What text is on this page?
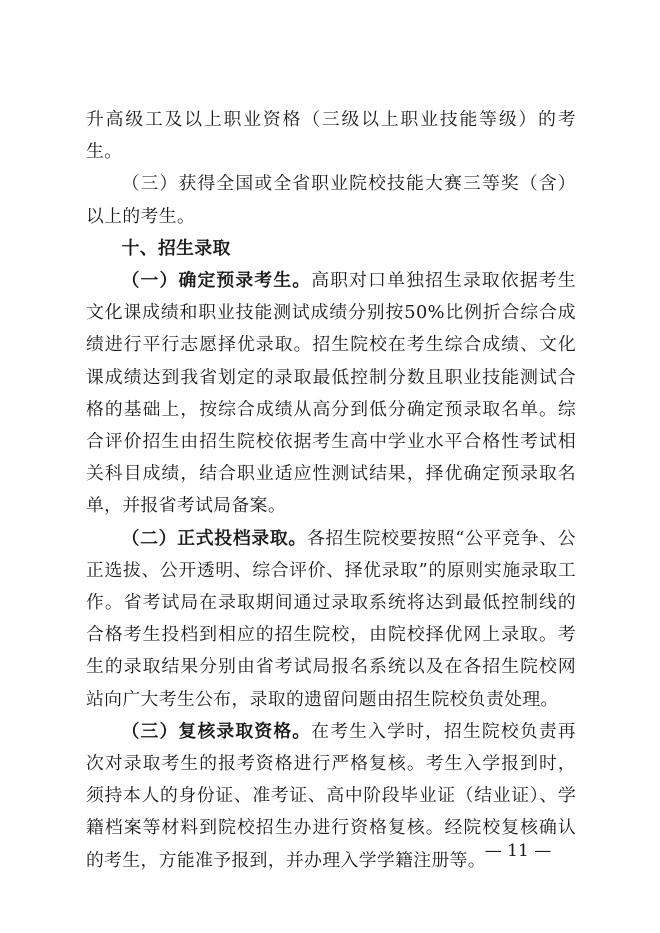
升高级工及以上职业资格（三级以上职业技能等级）的考生。

（三）获得全国或全省职业院校技能大赛三等奖（含）以上的考生。

十、招生录取

（一）确定预录考生。高职对口单独招生录取依据考生文化课成绩和职业技能测试成绩分别按50%比例折合综合成绩进行平行志愿择优录取。招生院校在考生综合成绩、文化课成绩达到我省划定的录取最低控制分数且职业技能测试合格的基础上，按综合成绩从高分到低分确定预录取名单。综合评价招生由招生院校依据考生高中学业水平合格性考试相关科目成绩，结合职业适应性测试结果，择优确定预录取名单，并报省考试局备案。

（二）正式投档录取。各招生院校要按照“公平竞争、公正选拔、公开透明、综合评价、择优录取”的原则实施录取工作。省考试局在录取期间通过录取系统将达到最低控制线的合格考生投档到相应的招生院校，由院校择优网上录取。考生的录取结果分别由省考试局报名系统以及在各招生院校网站向广大考生公布，录取的遗留问题由招生院校负责处理。

（三）复核录取资格。在考生入学时，招生院校负责再次对录取考生的报考资格进行严格复核。考生入学报到时，须持本人的身份证、准考证、高中阶段毕业证（结业证）、学籍档案等材料到院校招生办进行资格复核。经院校复核确认的考生，方能准予报到，并办理入学学籍注册等。

— 11 —
